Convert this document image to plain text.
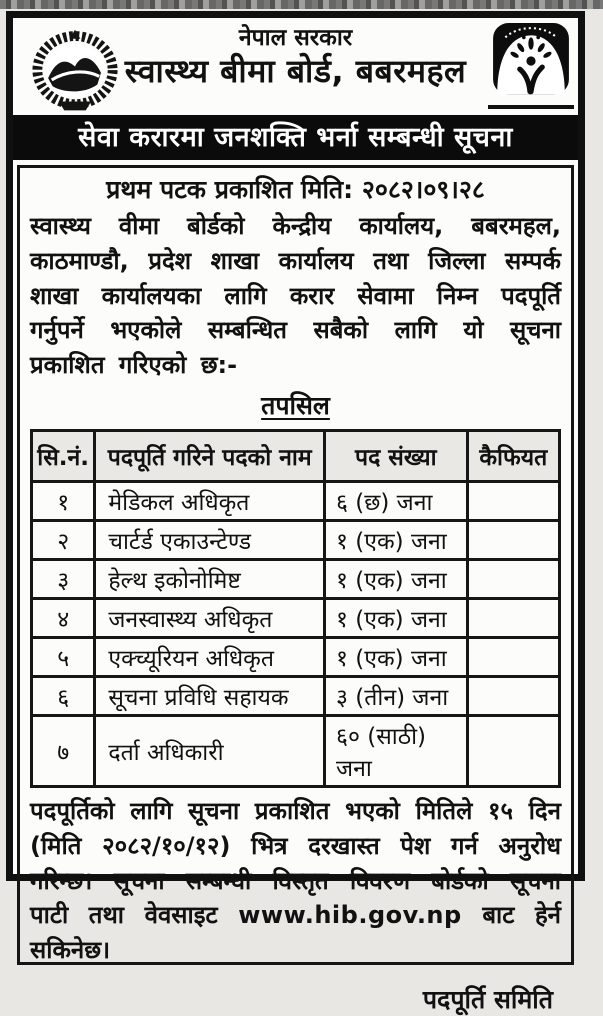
नेपाल सरकार
स्वास्थ्य बीमा बोर्ड, बबरमहल
सेवा करारमा जनशक्ति भर्ना सम्बन्धी सूचना
प्रथम पटक प्रकाशित मिति: २०८२।०९।२८
स्वास्थ्य वीमा बोर्डको केन्द्रीय कार्यालय, बबरमहल, काठमाण्डौ, प्रदेश शाखा कार्यालय तथा जिल्ला सम्पर्क शाखा कार्यालयका लागि करार सेवामा निम्न पदपूर्ति गर्नुपर्ने भएकोले सम्बन्धित सबैको लागि यो सूचना प्रकाशित गरिएको छ:-
तपसिल
सि.नं.	पदपूर्ति गरिने पदको नाम	पद संख्या	कैफियत
१	मेडिकल अधिकृत	६ (छ) जना	
२	चार्टर्ड एकाउन्टेण्ड	१ (एक) जना	
३	हेल्थ इकोनोमिष्ट	१ (एक) जना	
४	जनस्वास्थ्य अधिकृत	१ (एक) जना	
५	एक्च्यूरियन अधिकृत	१ (एक) जना	
६	सूचना प्रविधि सहायक	३ (तीन) जना	
७	दर्ता अधिकारी	६० (साठी) जना	
पदपूर्तिको लागि सूचना प्रकाशित भएको मितिले १५ दिन (मिति २०८२/१०/१२) भित्र दरखास्त पेश गर्न अनुरोध गरिन्छ। सूचना सम्बन्धी विस्तृत विवरण बोर्डको सूचना पाटी तथा वेवसाइट www.hib.gov.np बाट हेर्न सकिनेछ।
पदपूर्ति समिति
